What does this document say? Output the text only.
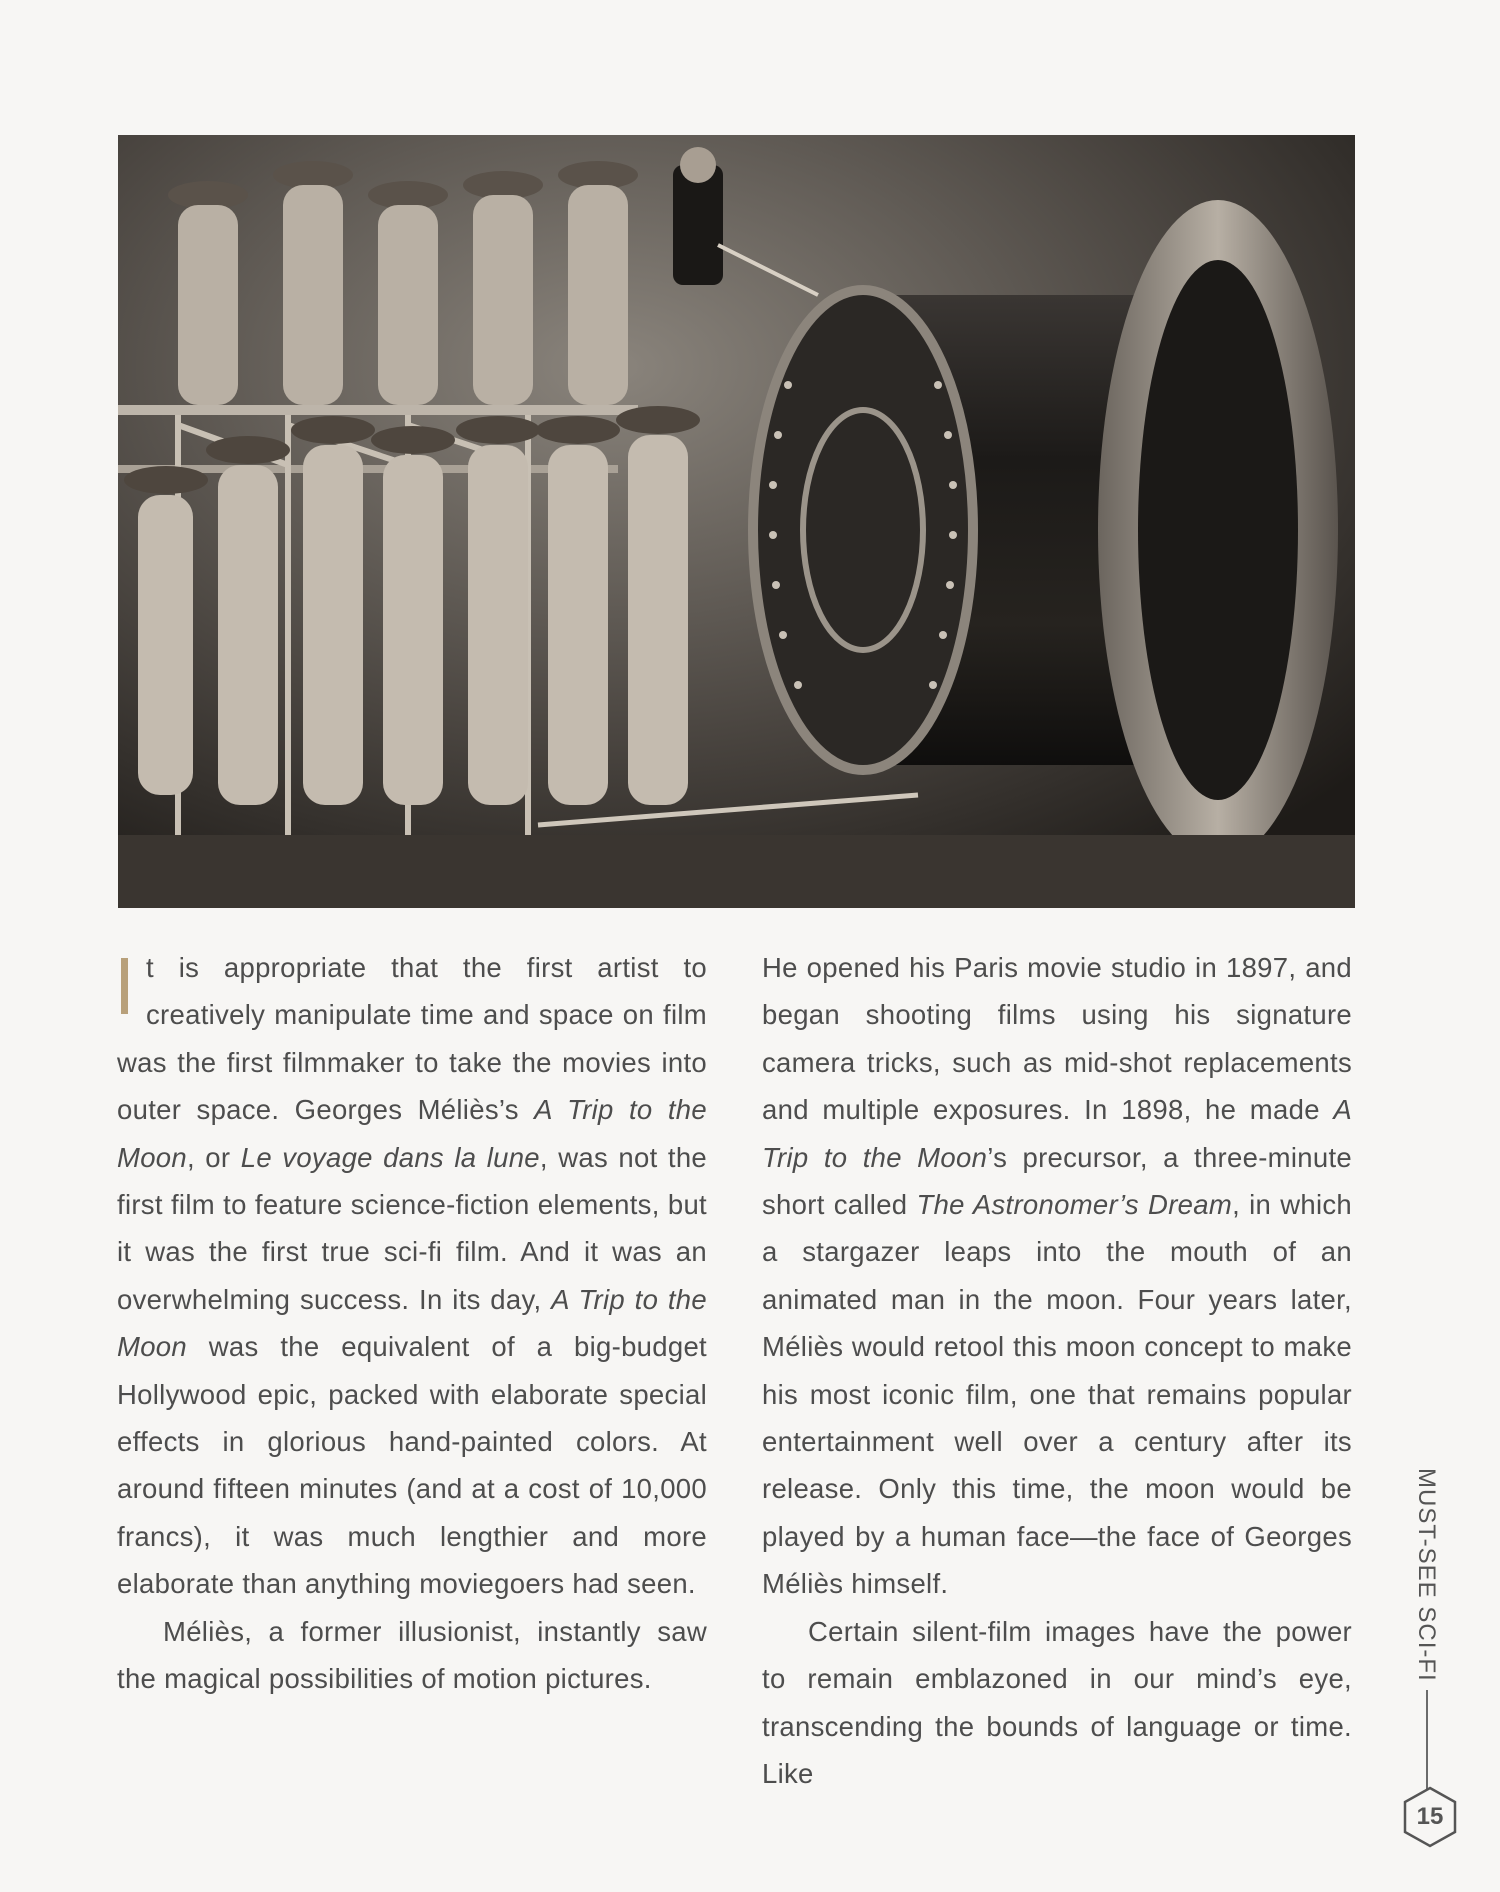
t is appropriate that the first artist to creatively manipulate time and space on film was the first filmmaker to take the movies into outer space. Georges Méliès’s A Trip to the Moon, or Le voyage dans la lune, was not the first film to feature science-fiction elements, but it was the first true sci-fi film. And it was an overwhelming success. In its day, A Trip to the Moon was the equivalent of a big-budget Hollywood epic, packed with elaborate special effects in glorious hand-painted colors. At around fifteen minutes (and at a cost of 10,000 francs), it was much lengthier and more elaborate than anything moviegoers had seen.

Méliès, a former illusionist, instantly saw the magical possibilities of motion pictures.

He opened his Paris movie studio in 1897, and began shooting films using his signature camera tricks, such as mid-shot replacements and multiple exposures. In 1898, he made A Trip to the Moon’s precursor, a three-minute short called The Astronomer’s Dream, in which a stargazer leaps into the mouth of an animated man in the moon. Four years later, Méliès would retool this moon concept to make his most iconic film, one that remains popular entertainment well over a century after its release. Only this time, the moon would be played by a human face—the face of Georges Méliès himself.

Certain silent-film images have the power to remain emblazoned in our mind’s eye, transcending the bounds of language or time. Like

MUST-SEE SCI-FI
15
